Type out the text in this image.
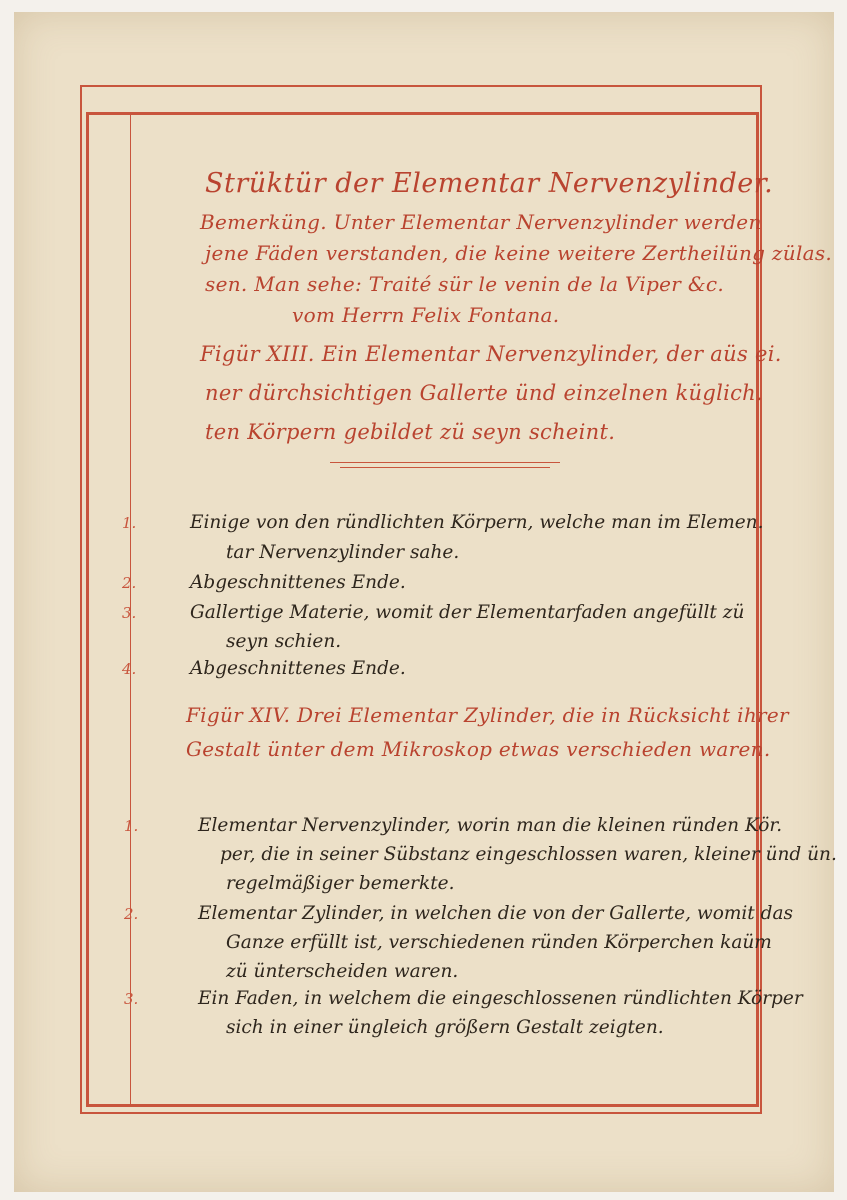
Strüktür der Elementar Nervenzylinder.
Bemerküng. Unter Elementar Nervenzylinder werden
jene Fäden verstanden, die keine weitere Zertheilüng zülas.
sen. Man sehe: Traité sür le venin de la Viper &c.
vom Herrn Felix Fontana.
Figür XIII. Ein Elementar Nervenzylinder, der aüs ei.
ner dürchsichtigen Gallerte ünd einzelnen küglich.
ten Körpern gebildet zü seyn scheint.
1.	Einige von den ründlichten Körpern, welche man im Elemen.
tar Nervenzylinder sahe.
2.	Abgeschnittenes Ende.
3.	Gallertige Materie, womit der Elementarfaden angefüllt zü
seyn schien.
4.	Abgeschnittenes Ende.
Figür XIV. Drei Elementar Zylinder, die in Rücksicht ihrer
Gestalt ünter dem Mikroskop etwas verschieden waren.
1.	Elementar Nervenzylinder, worin man die kleinen ründen Kör.
per, die in seiner Sübstanz eingeschlossen waren, kleiner ünd ün.
regelmäßiger bemerkte.
2.	Elementar Zylinder, in welchen die von der Gallerte, womit das
Ganze erfüllt ist, verschiedenen ründen Körperchen kaüm
zü ünterscheiden waren.
3.	Ein Faden, in welchem die eingeschlossenen ründlichten Körper
sich in einer üngleich größern Gestalt zeigten.
